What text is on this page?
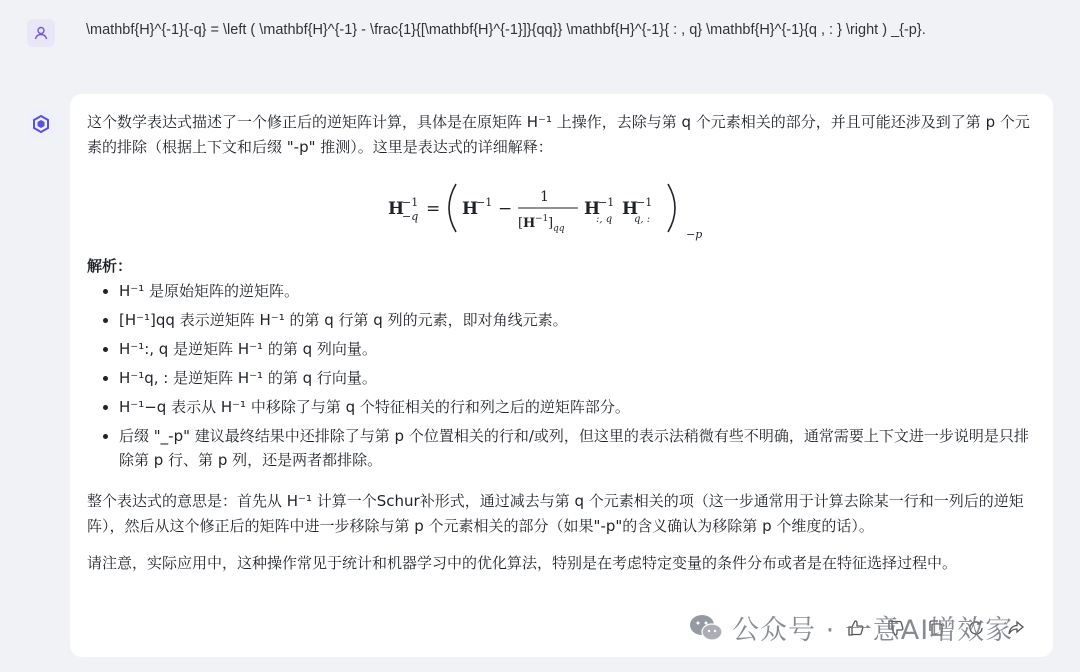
\mathbf{H}^{-1}{-q} = \left ( \mathbf{H}^{-1} - \frac{1}{[\mathbf{H}^{-1}]}{qq}} \mathbf{H}^{-1}{ : , q} \mathbf{H}^{-1}{q , : } \right ) _{-p}.

这个数学表达式描述了一个修正后的逆矩阵计算，具体是在原矩阵 H⁻¹ 上操作，去除与第 q 个元素相关的部分，并且可能还涉及到了第 p 个元素的排除（根据上下文和后缀 "-p" 推测）。这里是表达式的详细解释：

H
−1
−q = H
−1 −
1
[ H −1 ] qq
H
−1
:, q
H
−1
q, :
−p

解析：

• H⁻¹ 是原始矩阵的逆矩阵。
• [H⁻¹]qq 表示逆矩阵 H⁻¹ 的第 q 行第 q 列的元素，即对角线元素。
• H⁻¹:, q 是逆矩阵 H⁻¹ 的第 q 列向量。
• H⁻¹q, : 是逆矩阵 H⁻¹ 的第 q 行向量。
• H⁻¹−q 表示从 H⁻¹ 中移除了与第 q 个特征相关的行和列之后的逆矩阵部分。
• 后缀 "_-p" 建议最终结果中还排除了与第 p 个位置相关的行和/或列，但这里的表示法稍微有些不明确，通常需要上下文进一步说明是只排除第 p 行、第 p 列，还是两者都排除。

整个表达式的意思是：首先从 H⁻¹ 计算一个Schur补形式，通过减去与第 q 个元素相关的项（这一步通常用于计算去除某一行和一列后的逆矩阵），然后从这个修正后的矩阵中进一步移除与第 p 个元素相关的部分（如果"-p"的含义确认为移除第 p 个维度的话）。

请注意，实际应用中，这种操作常见于统计和机器学习中的优化算法，特别是在考虑特定变量的条件分布或者是在特征选择过程中。

公众号 · 一意AI增效家
